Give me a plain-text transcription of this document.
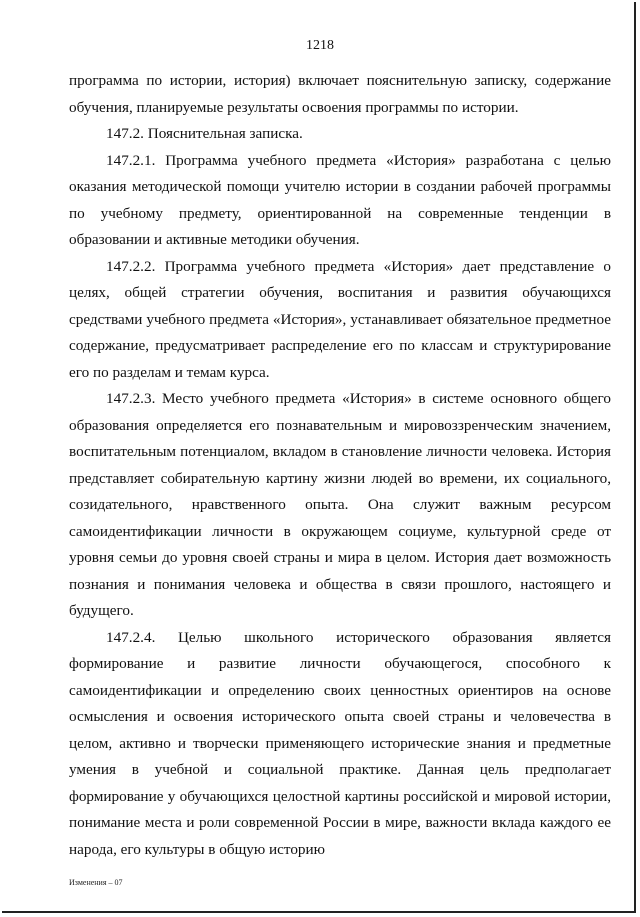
1218

программа по истории, история) включает пояснительную записку, содержание обучения, планируемые результаты освоения программы по истории.

147.2. Пояснительная записка.

147.2.1. Программа учебного предмета «История» разработана с целью оказания методической помощи учителю истории в создании рабочей программы по учебному предмету, ориентированной на современные тенденции в образовании и активные методики обучения.

147.2.2. Программа учебного предмета «История» дает представление о целях, общей стратегии обучения, воспитания и развития обучающихся средствами учебного предмета «История», устанавливает обязательное предметное содержание, предусматривает распределение его по классам и структурирование его по разделам и темам курса.

147.2.3. Место учебного предмета «История» в системе основного общего образования определяется его познавательным и мировоззренческим значением, воспитательным потенциалом, вкладом в становление личности человека. История представляет собирательную картину жизни людей во времени, их социального, созидательного, нравственного опыта. Она служит важным ресурсом самоидентификации личности в окружающем социуме, культурной среде от уровня семьи до уровня своей страны и мира в целом. История дает возможность познания и понимания человека и общества в связи прошлого, настоящего и будущего.

147.2.4. Целью школьного исторического образования является формирование и развитие личности обучающегося, способного к самоидентификации и определению своих ценностных ориентиров на основе осмысления и освоения исторического опыта своей страны и человечества в целом, активно и творчески применяющего исторические знания и предметные умения в учебной и социальной практике. Данная цель предполагает формирование у обучающихся целостной картины российской и мировой истории, понимание места и роли современной России в мире, важности вклада каждого ее народа, его культуры в общую историю

Изменения – 07
